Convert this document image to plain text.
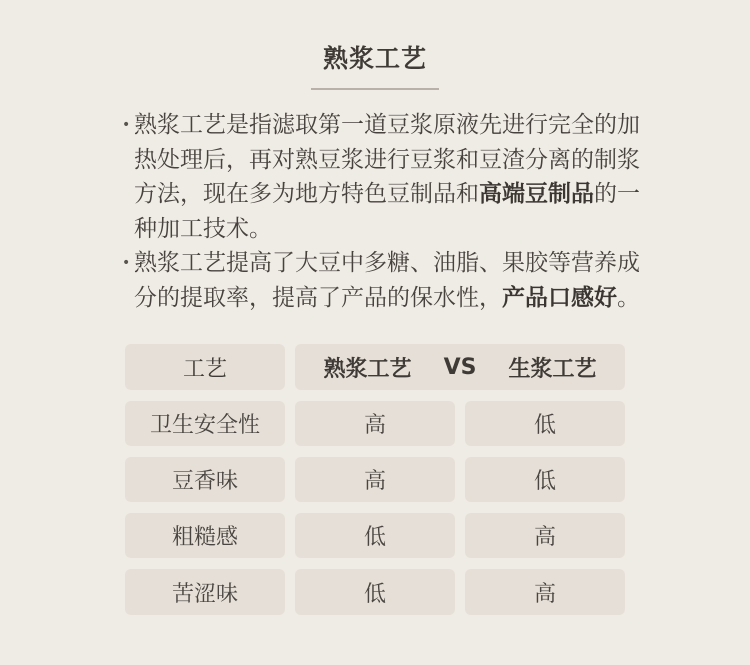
熟浆工艺
• 熟浆工艺是指滤取第一道豆浆原液先进行完全的加热处理后，再对熟豆浆进行豆浆和豆渣分离的制浆方法，现在多为地方特色豆制品和高端豆制品的一种加工技术。
• 熟浆工艺提高了大豆中多糖、油脂、果胶等营养成分的提取率，提高了产品的保水性，产品口感好。
工艺	熟浆工艺 VS 生浆工艺
卫生安全性	高	低
豆香味	高	低
粗糙感	低	高
苦涩味	低	高
